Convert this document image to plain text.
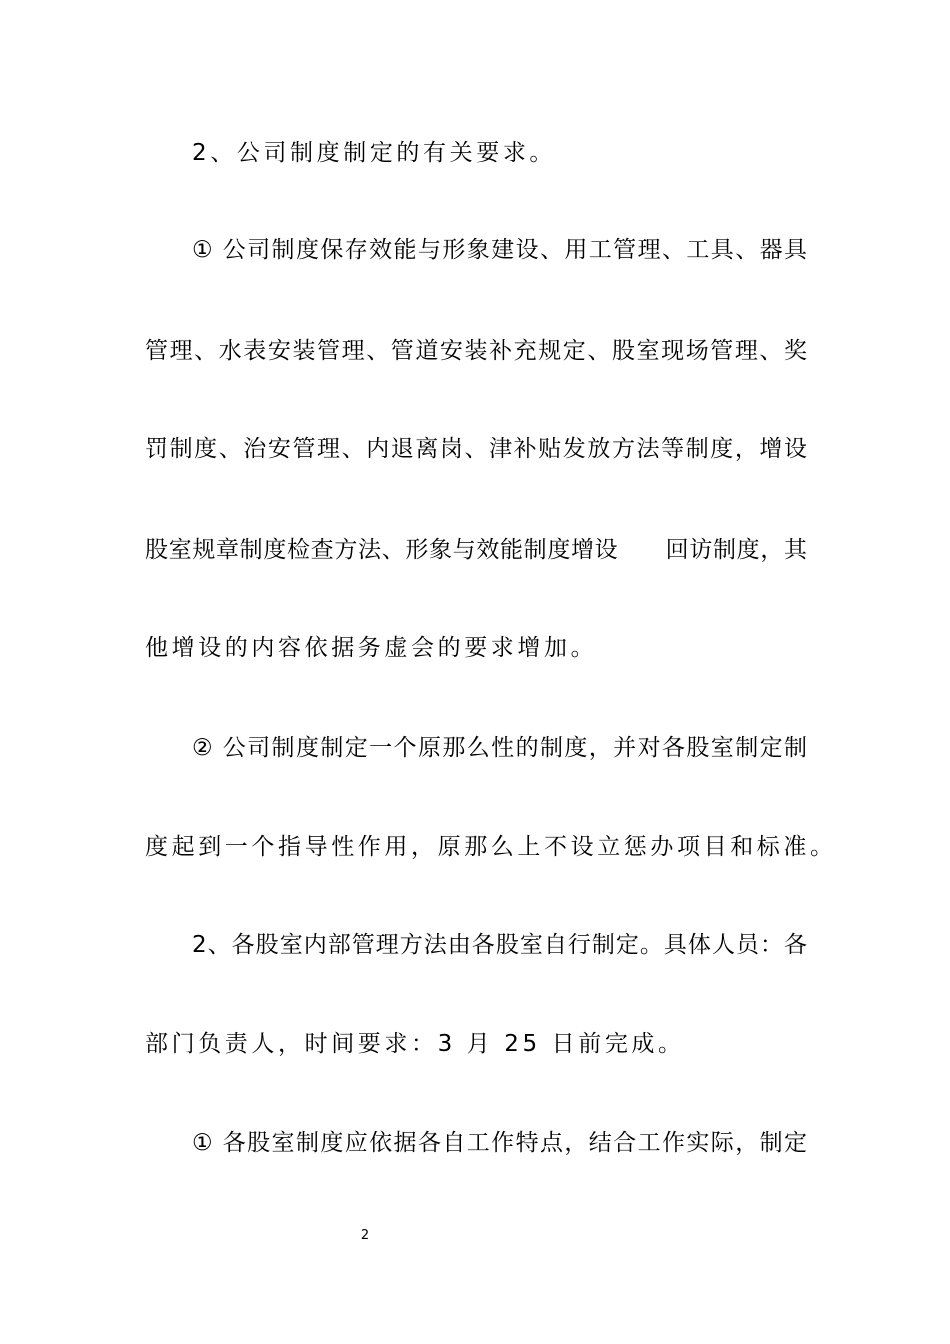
2、公司制度制定的有关要求。
① 公司制度保存效能与形象建设、用工管理、工具、器具
管理、水表安装管理、管道安装补充规定、股室现场管理、奖
罚制度、治安管理、内退离岗、津补贴发放方法等制度，增设
股室规章制度检查方法、形象与效能制度增设　　回访制度，其
他增设的内容依据务虚会的要求增加。
② 公司制度制定一个原那么性的制度，并对各股室制定制
度起到一个指导性作用，原那么上不设立惩办项目和标准。
2、各股室内部管理方法由各股室自行制定。具体人员：各
部门负责人，时间要求：3 月 25 日前完成。
① 各股室制度应依据各自工作特点，结合工作实际，制定
2
